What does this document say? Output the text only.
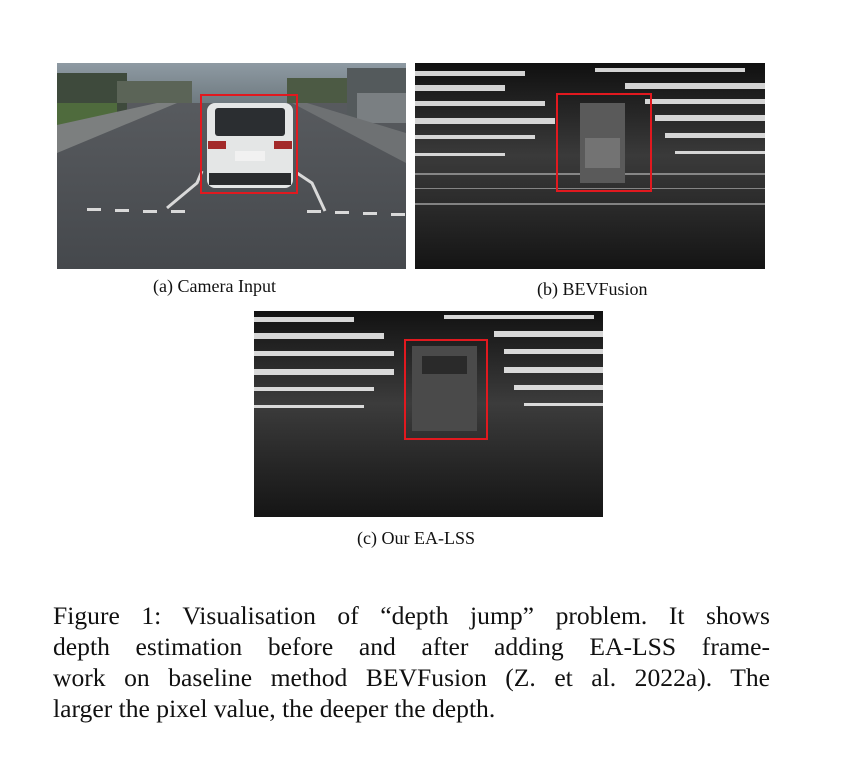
(a) Camera Input	(b) BEVFusion
(c) Our EA-LSS
Figure 1: Visualisation of “depth jump” problem. It shows
depth estimation before and after adding EA-LSS frame-
work on baseline method BEVFusion (Z. et al. 2022a). The
larger the pixel value, the deeper the depth.
